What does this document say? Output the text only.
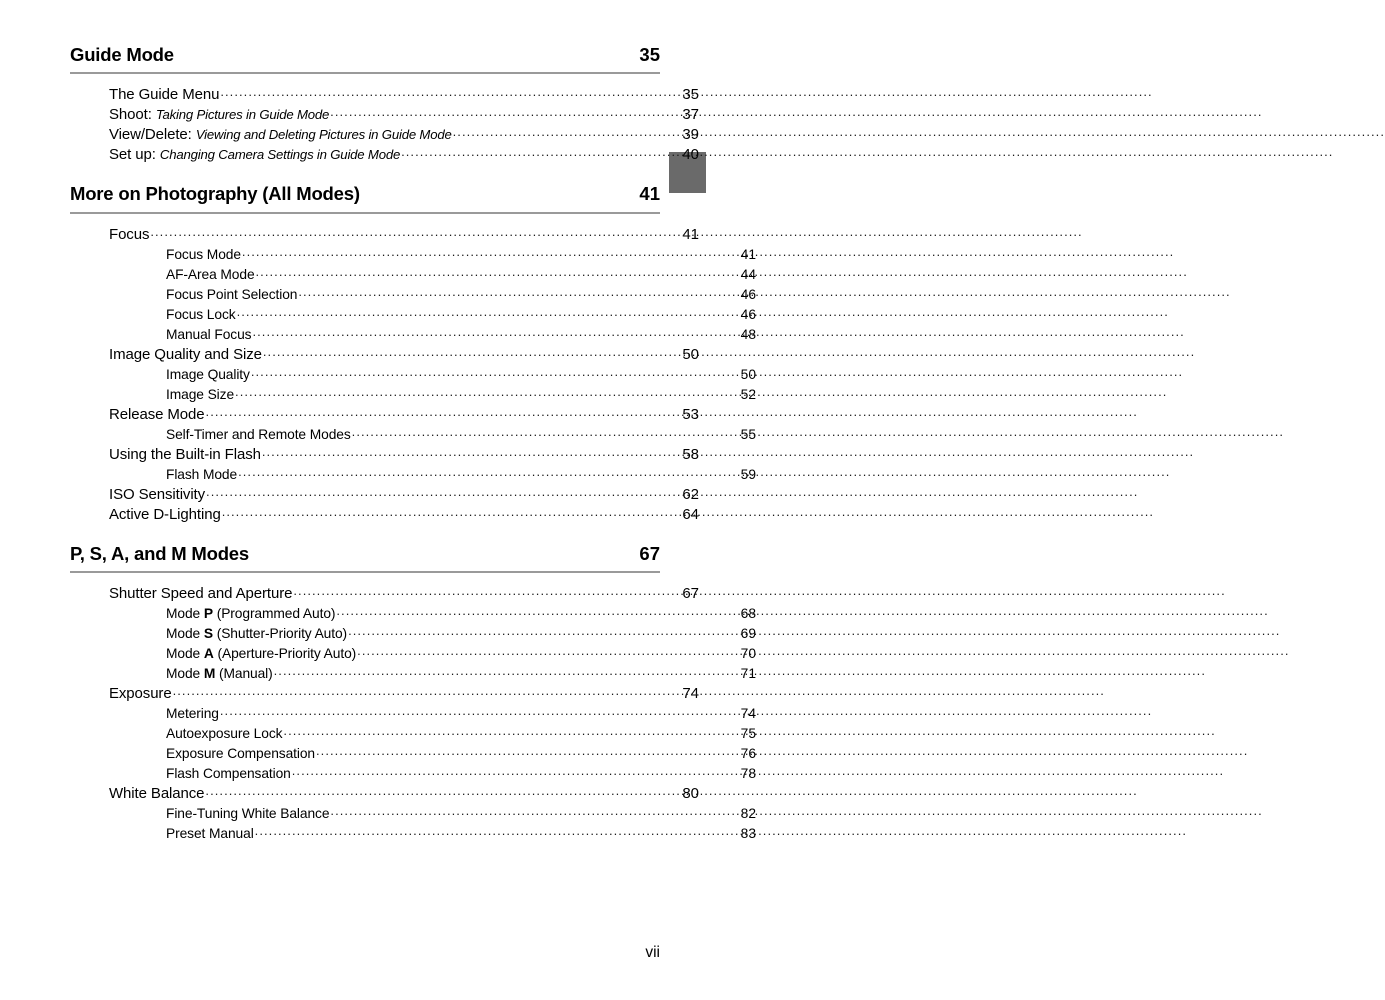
Guide Mode	35
The Guide Menu .....	35
Shoot: Taking Pictures in Guide Mode .....	37
View/Delete: Viewing and Deleting Pictures in Guide Mode .....	39
Set up: Changing Camera Settings in Guide Mode .....	40
More on Photography (All Modes)	41
Focus .....	41
Focus Mode .....	41
AF-Area Mode .....	44
Focus Point Selection .....	46
Focus Lock .....	46
Manual Focus .....	48
Image Quality and Size .....	50
Image Quality .....	50
Image Size .....	52
Release Mode .....	53
Self-Timer and Remote Modes .....	55
Using the Built-in Flash .....	58
Flash Mode .....	59
ISO Sensitivity .....	62
Active D-Lighting .....	64
P, S, A, and M Modes	67
Shutter Speed and Aperture .....	67
Mode P (Programmed Auto) .....	68
Mode S (Shutter-Priority Auto) .....	69
Mode A (Aperture-Priority Auto) .....	70
Mode M (Manual) .....	71
Exposure .....	74
Metering .....	74
Autoexposure Lock .....	75
Exposure Compensation .....	76
Flash Compensation .....	78
White Balance .....	80
Fine-Tuning White Balance .....	82
Preset Manual .....	83
vii
